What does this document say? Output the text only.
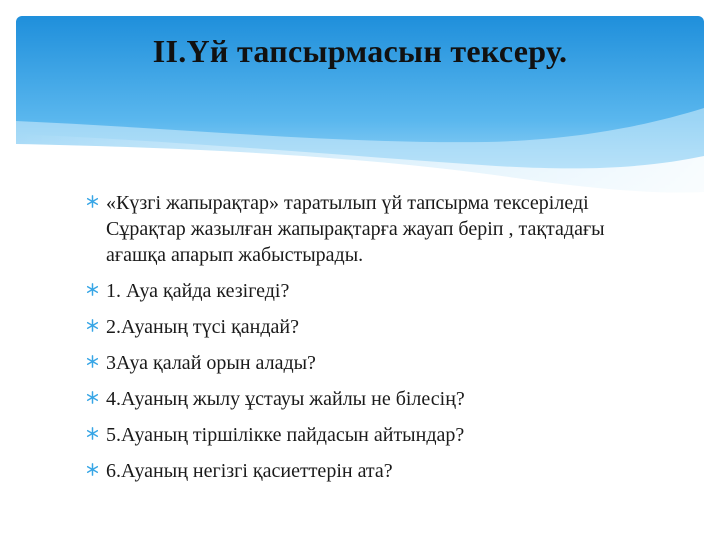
II.Үй тапсырмасын тексеру.
«Күзгі жапырақтар» таратылып үй тапсырма тексеріледі Сұрақтар жазылған жапырақтарға жауап беріп , тақтадағы ағашқа апарып жабыстырады.
1. Ауа қайда кезігеді?
2.Ауаның түсі қандай?
3Ауа қалай орын алады?
4.Ауаның жылу ұстауы жайлы не білесің?
5.Ауаның тіршілікке пайдасын айтындар?
6.Ауаның негізгі қасиеттерін ата?
